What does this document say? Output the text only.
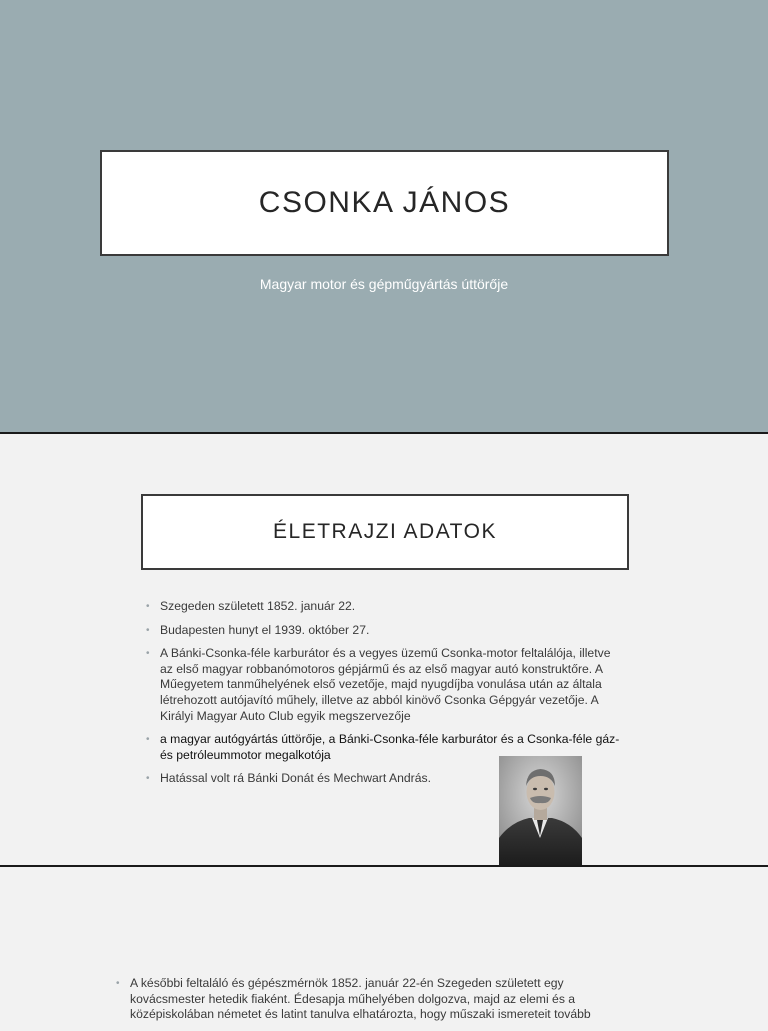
CSONKA JÁNOS
Magyar motor és gépműgyártás úttörője
ÉLETRAJZI ADATOK
• Szegeden született 1852. január 22.
• Budapesten hunyt el 1939. október 27.
• A Bánki-Csonka-féle karburátor és a vegyes üzemű Csonka-motor feltalálója, illetve az első magyar robbanómotoros gépjármű és az első magyar autó konstruktőre. A Műegyetem tanműhelyének első vezetője, majd nyugdíjba vonulása után az általa létrehozott autójavító műhely, illetve az abból kinövő Csonka Gépgyár vezetője. A Királyi Magyar Auto Club egyik megszervezője
• a magyar autógyártás úttörője, a Bánki-Csonka-féle karburátor és a Csonka-féle gáz- és petróleummotor megalkotója
• Hatással volt rá Bánki Donát és Mechwart András.
• A későbbi feltaláló és gépészmérnök 1852. január 22-én Szegeden született egy kovácsmester hetedik fiaként. Édesapja műhelyében dolgozva, majd az elemi és a középiskolában németet és latint tanulva elhatározta, hogy műszaki ismereteit tovább
